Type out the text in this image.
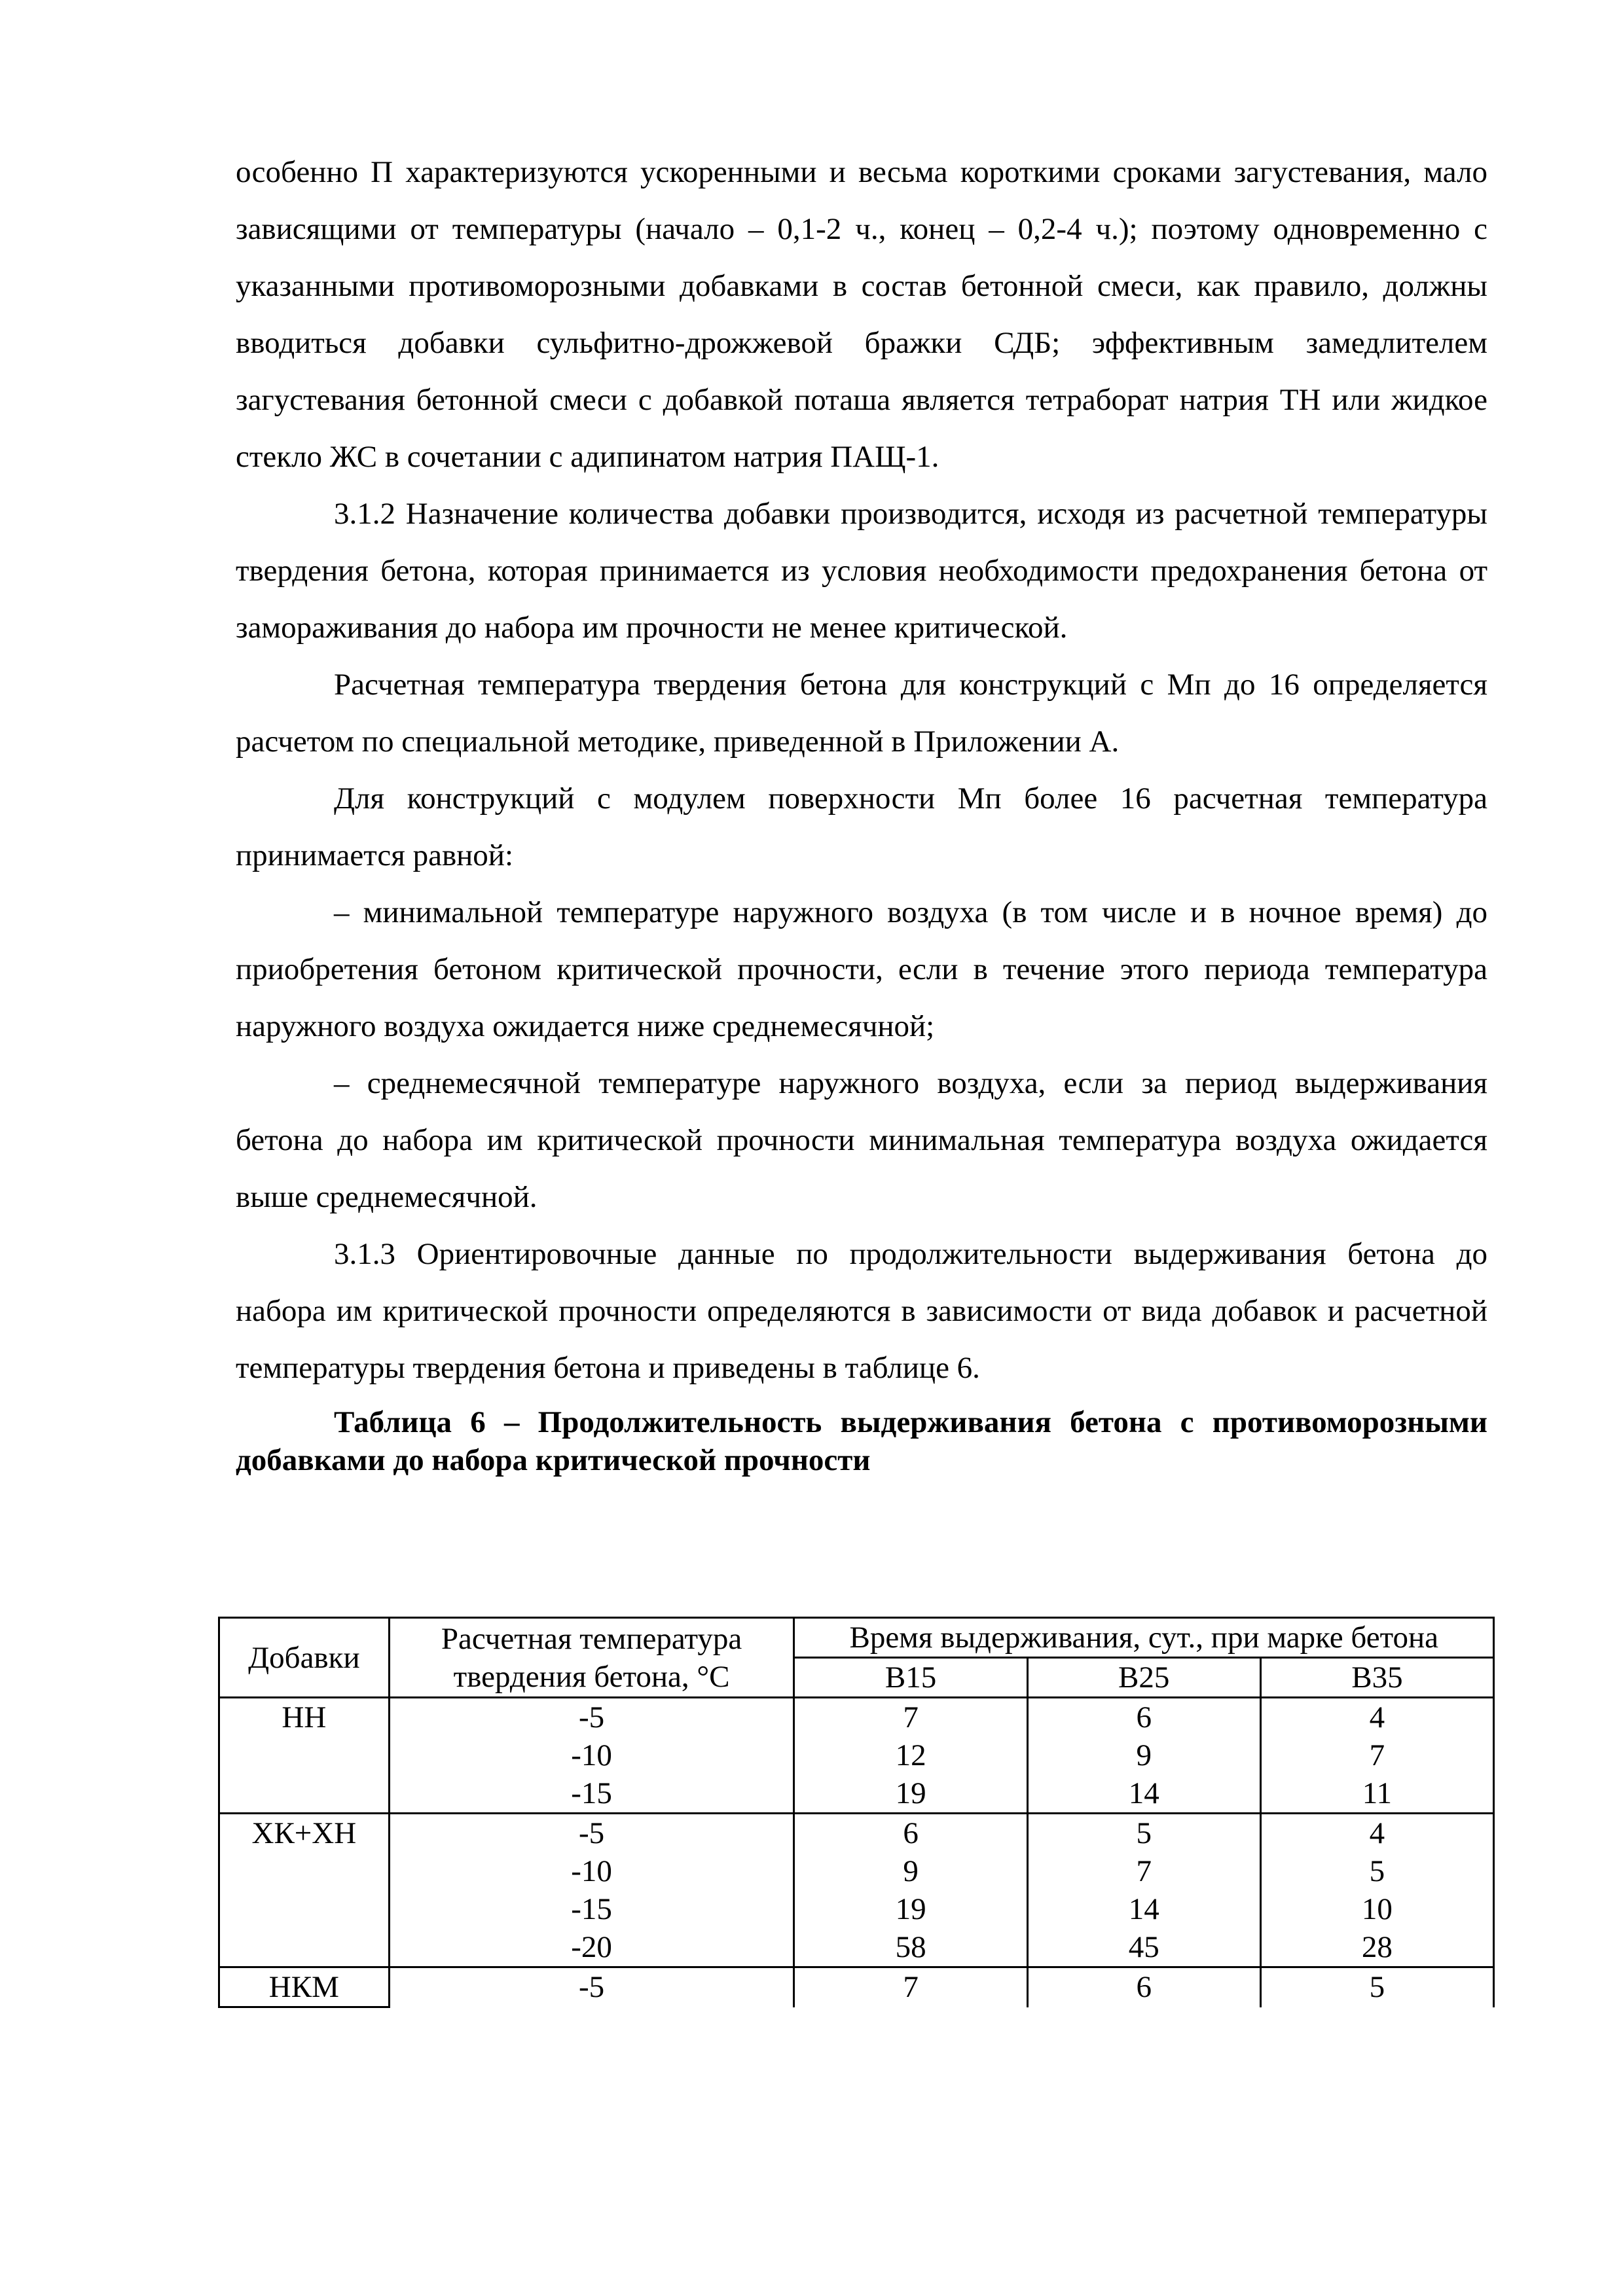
особенно П характеризуются ускоренными и весьма короткими сроками загустевания, мало зависящими от температуры (начало – 0,1-2 ч., конец – 0,2-4 ч.); поэтому одновременно с указанными противоморозными добавками в состав бетонной смеси, как правило, должны вводиться добавки сульфитно-дрожжевой бражки СДБ; эффективным замедлителем загустевания бетонной смеси с добавкой поташа является тетраборат натрия ТН или жидкое стекло ЖС в сочетании с адипинатом натрия ПАЩ-1.

3.1.2 Назначение количества добавки производится, исходя из расчетной температуры твердения бетона, которая принимается из условия необходимости предохранения бетона от замораживания до набора им прочности не менее критической.

Расчетная температура твердения бетона для конструкций с Мп до 16 определяется расчетом по специальной методике, приведенной в Приложении А.

Для конструкций с модулем поверхности Мп более 16 расчетная температура принимается равной:

– минимальной температуре наружного воздуха (в том числе и в ночное время) до приобретения бетоном критической прочности, если в течение этого периода температура наружного воздуха ожидается ниже среднемесячной;

– среднемесячной температуре наружного воздуха, если за период выдерживания бетона до набора им критической прочности минимальная температура воздуха ожидается выше среднемесячной.

3.1.3 Ориентировочные данные по продолжительности выдерживания бетона до набора им критической прочности определяются в зависимости от вида добавок и расчетной температуры твердения бетона и приведены в таблице 6.

Таблица 6 – Продолжительность выдерживания бетона с противоморозными добавками до набора критической прочности

Добавки	Расчетная температура твердения бетона, °С	Время выдерживания, сут., при марке бетона		
		В15	В25	В35
НН	-5	7	6	4
	-10	12	9	7
	-15	19	14	11
ХК+ХН	-5	6	5	4
	-10	9	7	5
	-15	19	14	10
	-20	58	45	28
НКМ	-5	7	6	5
